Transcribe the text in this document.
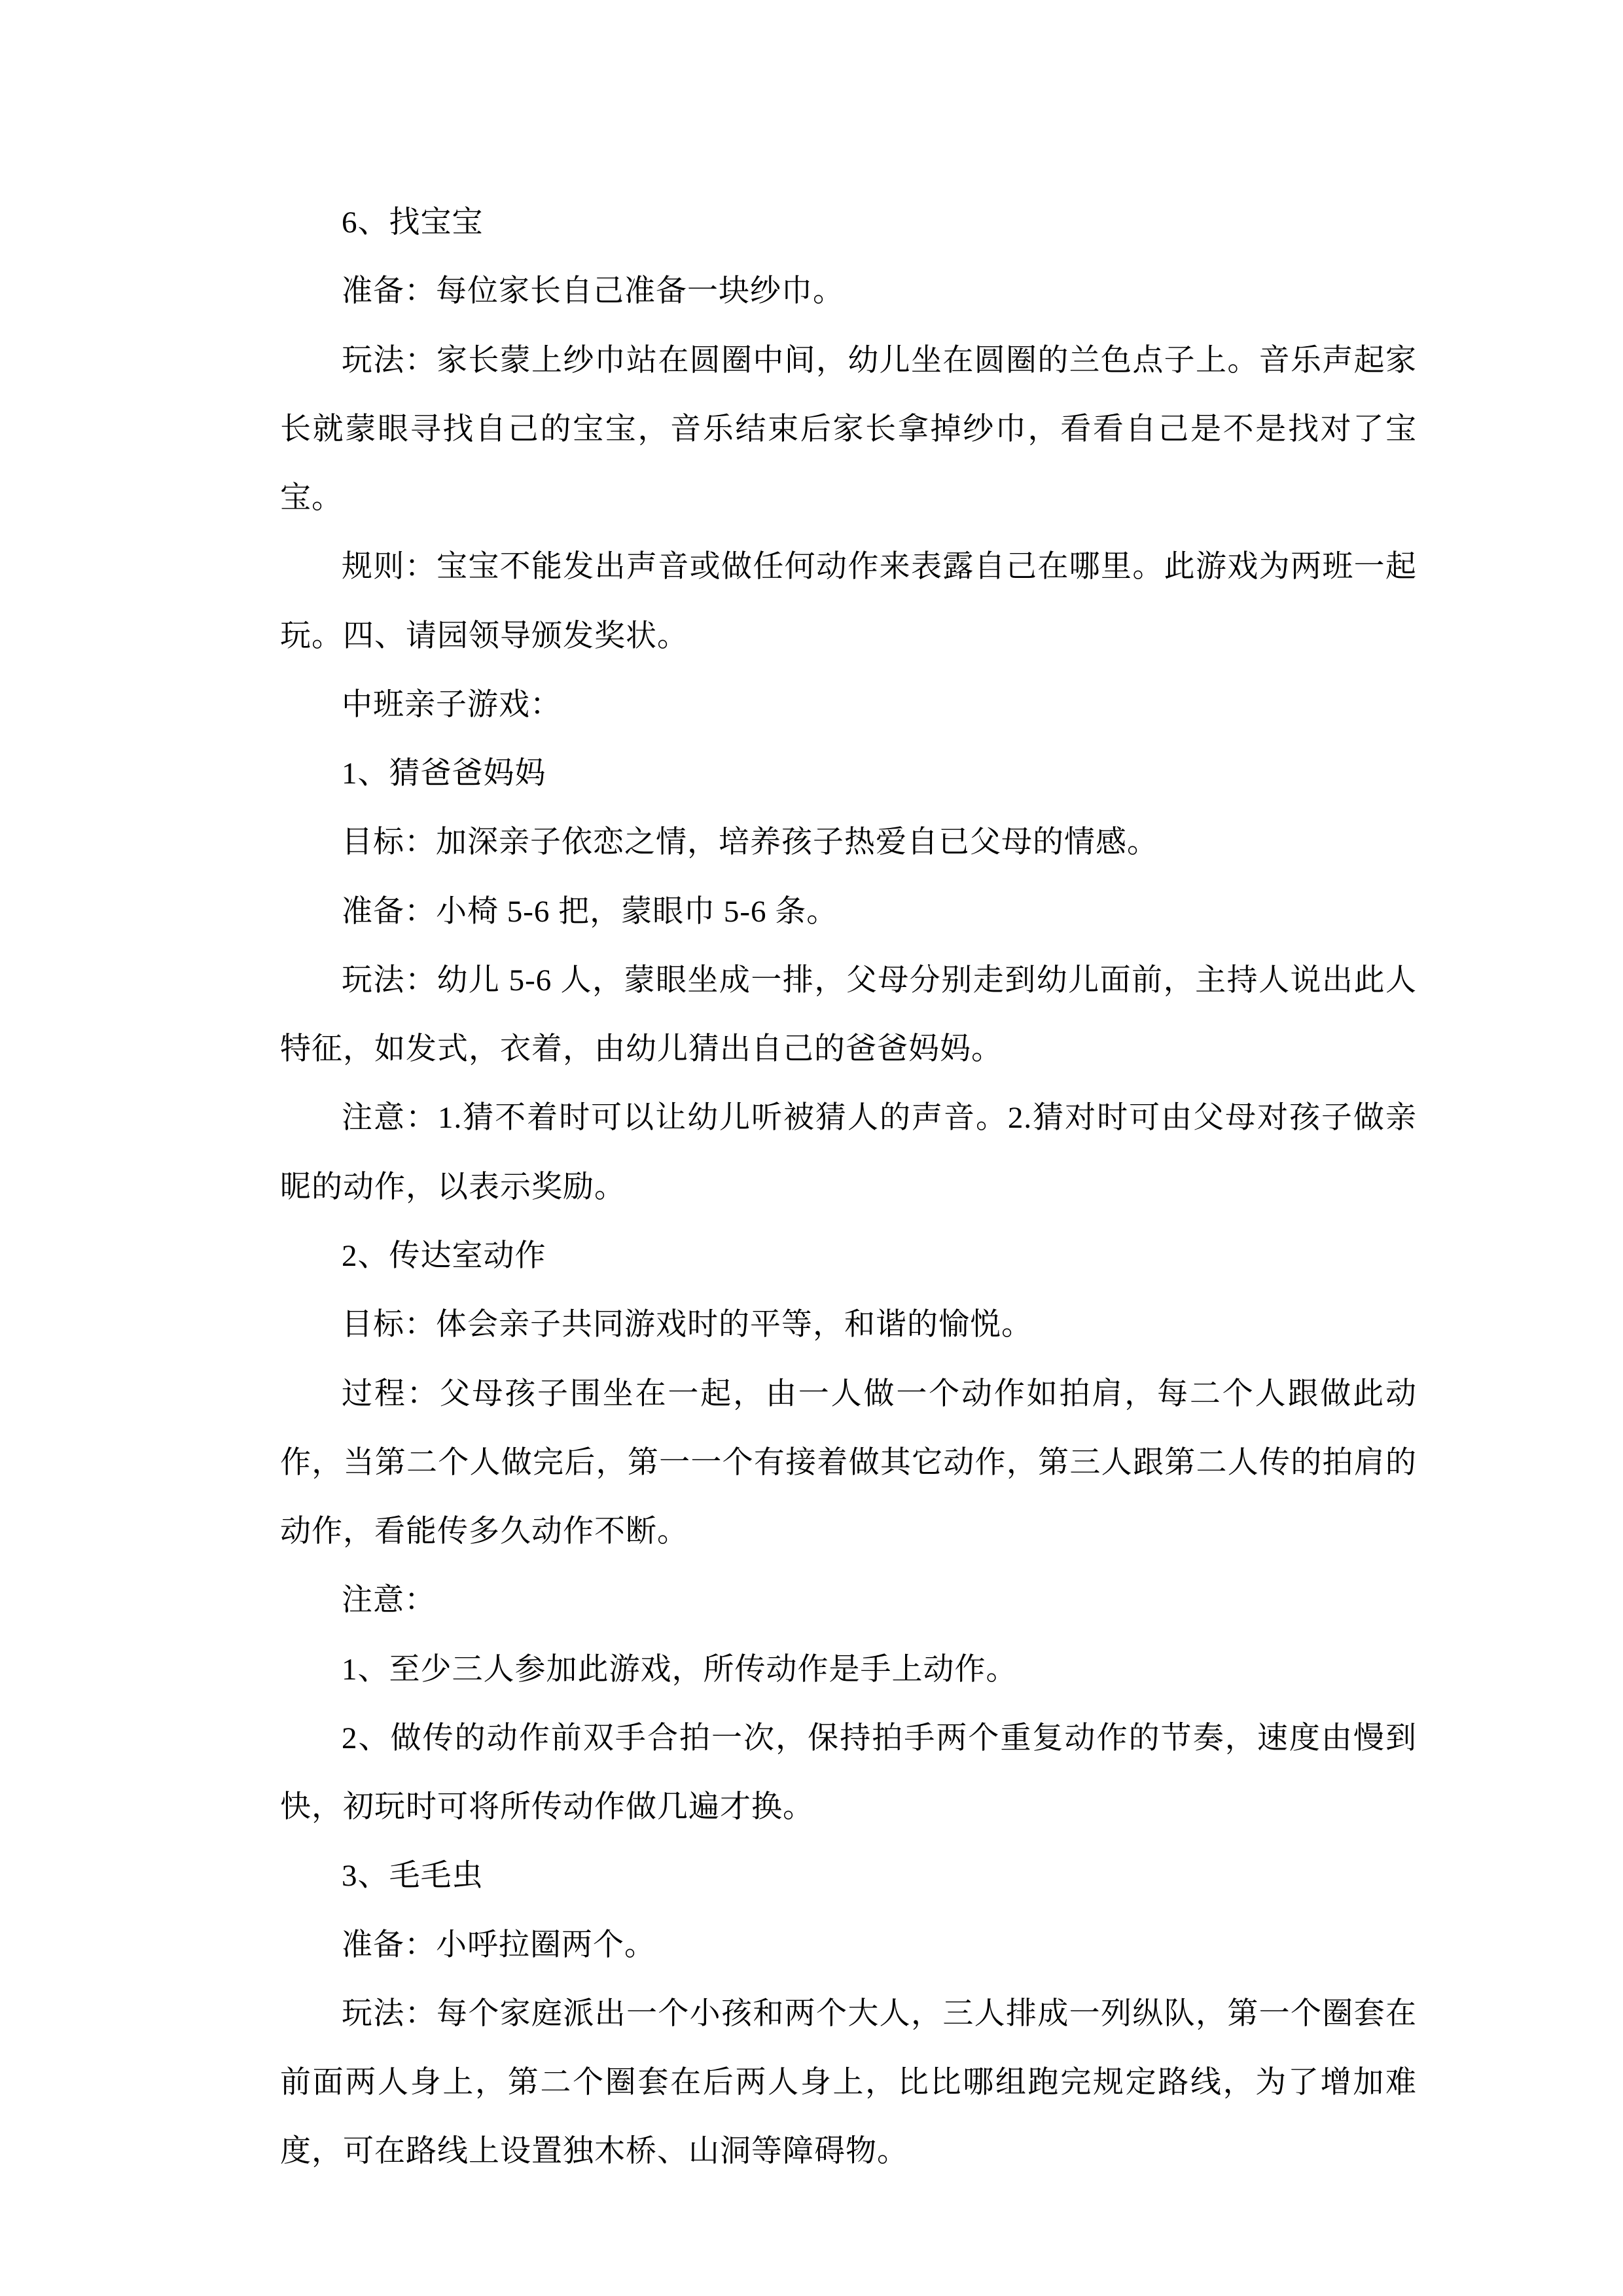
6、找宝宝

准备：每位家长自己准备一块纱巾。

玩法：家长蒙上纱巾站在圆圈中间，幼儿坐在圆圈的兰色点子上。音乐声起家长就蒙眼寻找自己的宝宝，音乐结束后家长拿掉纱巾，看看自己是不是找对了宝宝。

规则：宝宝不能发出声音或做任何动作来表露自己在哪里。此游戏为两班一起玩。四、请园领导颁发奖状。

中班亲子游戏：

1、猜爸爸妈妈

目标：加深亲子依恋之情，培养孩子热爱自已父母的情感。

准备：小椅 5-6 把，蒙眼巾 5-6 条。

玩法：幼儿 5-6 人，蒙眼坐成一排，父母分别走到幼儿面前，主持人说出此人特征，如发式，衣着，由幼儿猜出自己的爸爸妈妈。

注意：1.猜不着时可以让幼儿听被猜人的声音。2.猜对时可由父母对孩子做亲昵的动作，以表示奖励。

2、传达室动作

目标：体会亲子共同游戏时的平等，和谐的愉悦。

过程：父母孩子围坐在一起，由一人做一个动作如拍肩，每二个人跟做此动作，当第二个人做完后，第一一个有接着做其它动作，第三人跟第二人传的拍肩的动作，看能传多久动作不断。

注意：

1、至少三人参加此游戏，所传动作是手上动作。

2、做传的动作前双手合拍一次，保持拍手两个重复动作的节奏，速度由慢到快，初玩时可将所传动作做几遍才换。

3、毛毛虫

准备：小呼拉圈两个。

玩法：每个家庭派出一个小孩和两个大人，三人排成一列纵队，第一个圈套在前面两人身上，第二个圈套在后两人身上，比比哪组跑完规定路线，为了增加难度，可在路线上设置独木桥、山洞等障碍物。
